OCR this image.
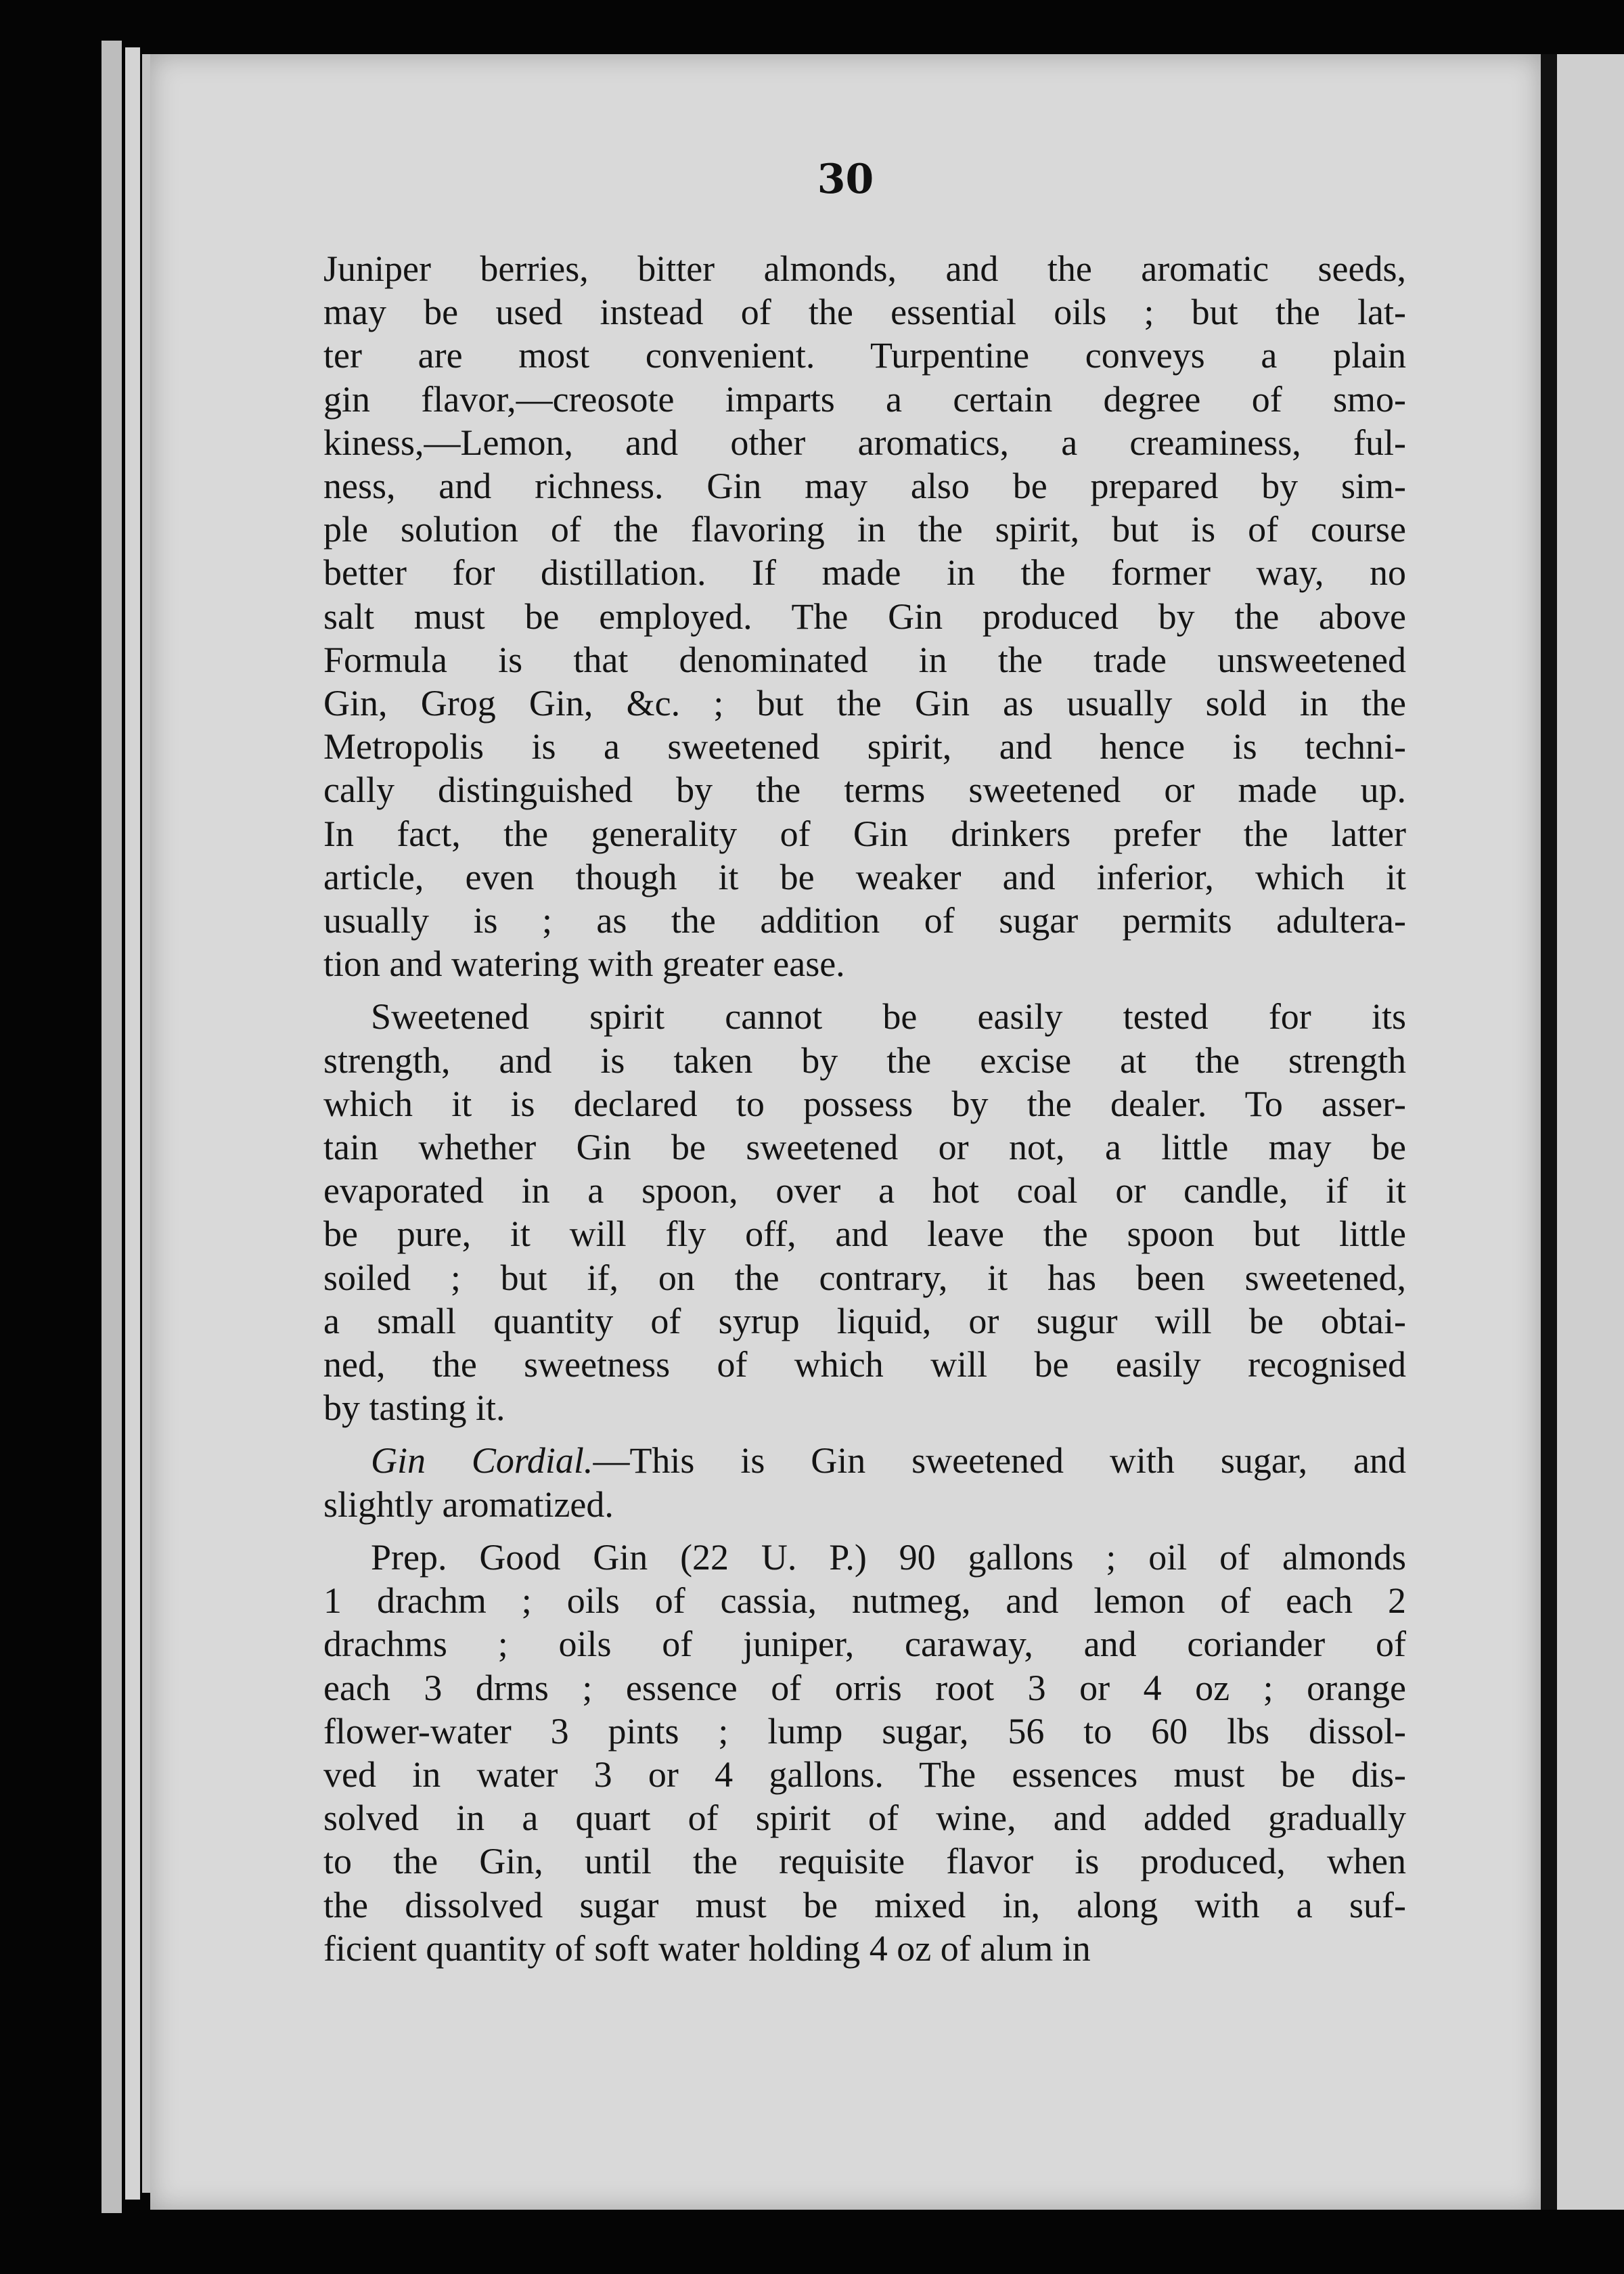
30
Juniper berries, bitter almonds, and the aromatic seeds,
may be used instead of the essential oils ; but the lat-
ter are most convenient. Turpentine conveys a plain
gin flavor,—creosote imparts a certain degree of smo-
kiness,—Lemon, and other aromatics, a creaminess, ful-
ness, and richness. Gin may also be prepared by sim-
ple solution of the flavoring in the spirit, but is of course
better for distillation. If made in the former way, no
salt must be employed. The Gin produced by the above
Formula is that denominated in the trade unsweetened
Gin, Grog Gin, &c. ; but the Gin as usually sold in the
Metropolis is a sweetened spirit, and hence is techni-
cally distinguished by the terms sweetened or made up.
In fact, the generality of Gin drinkers prefer the latter
article, even though it be weaker and inferior, which it
usually is ; as the addition of sugar permits adultera-
tion and watering with greater ease.
Sweetened spirit cannot be easily tested for its
strength, and is taken by the excise at the strength
which it is declared to possess by the dealer. To asser-
tain whether Gin be sweetened or not, a little may be
evaporated in a spoon, over a hot coal or candle, if it
be pure, it will fly off, and leave the spoon but little
soiled ; but if, on the contrary, it has been sweetened,
a small quantity of syrup liquid, or sugur will be obtai-
ned, the sweetness of which will be easily recognised
by tasting it.
Gin Cordial.—This is Gin sweetened with sugar, and
slightly aromatized.
Prep. Good Gin (22 U. P.) 90 gallons ; oil of almonds
1 drachm ; oils of cassia, nutmeg, and lemon of each 2
drachms ; oils of juniper, caraway, and coriander of
each 3 drms ; essence of orris root 3 or 4 oz ; orange
flower-water 3 pints ; lump sugar, 56 to 60 lbs dissol-
ved in water 3 or 4 gallons. The essences must be dis-
solved in a quart of spirit of wine, and added gradually
to the Gin, until the requisite flavor is produced, when
the dissolved sugar must be mixed in, along with a suf-
ficient quantity of soft water holding 4 oz of alum in
